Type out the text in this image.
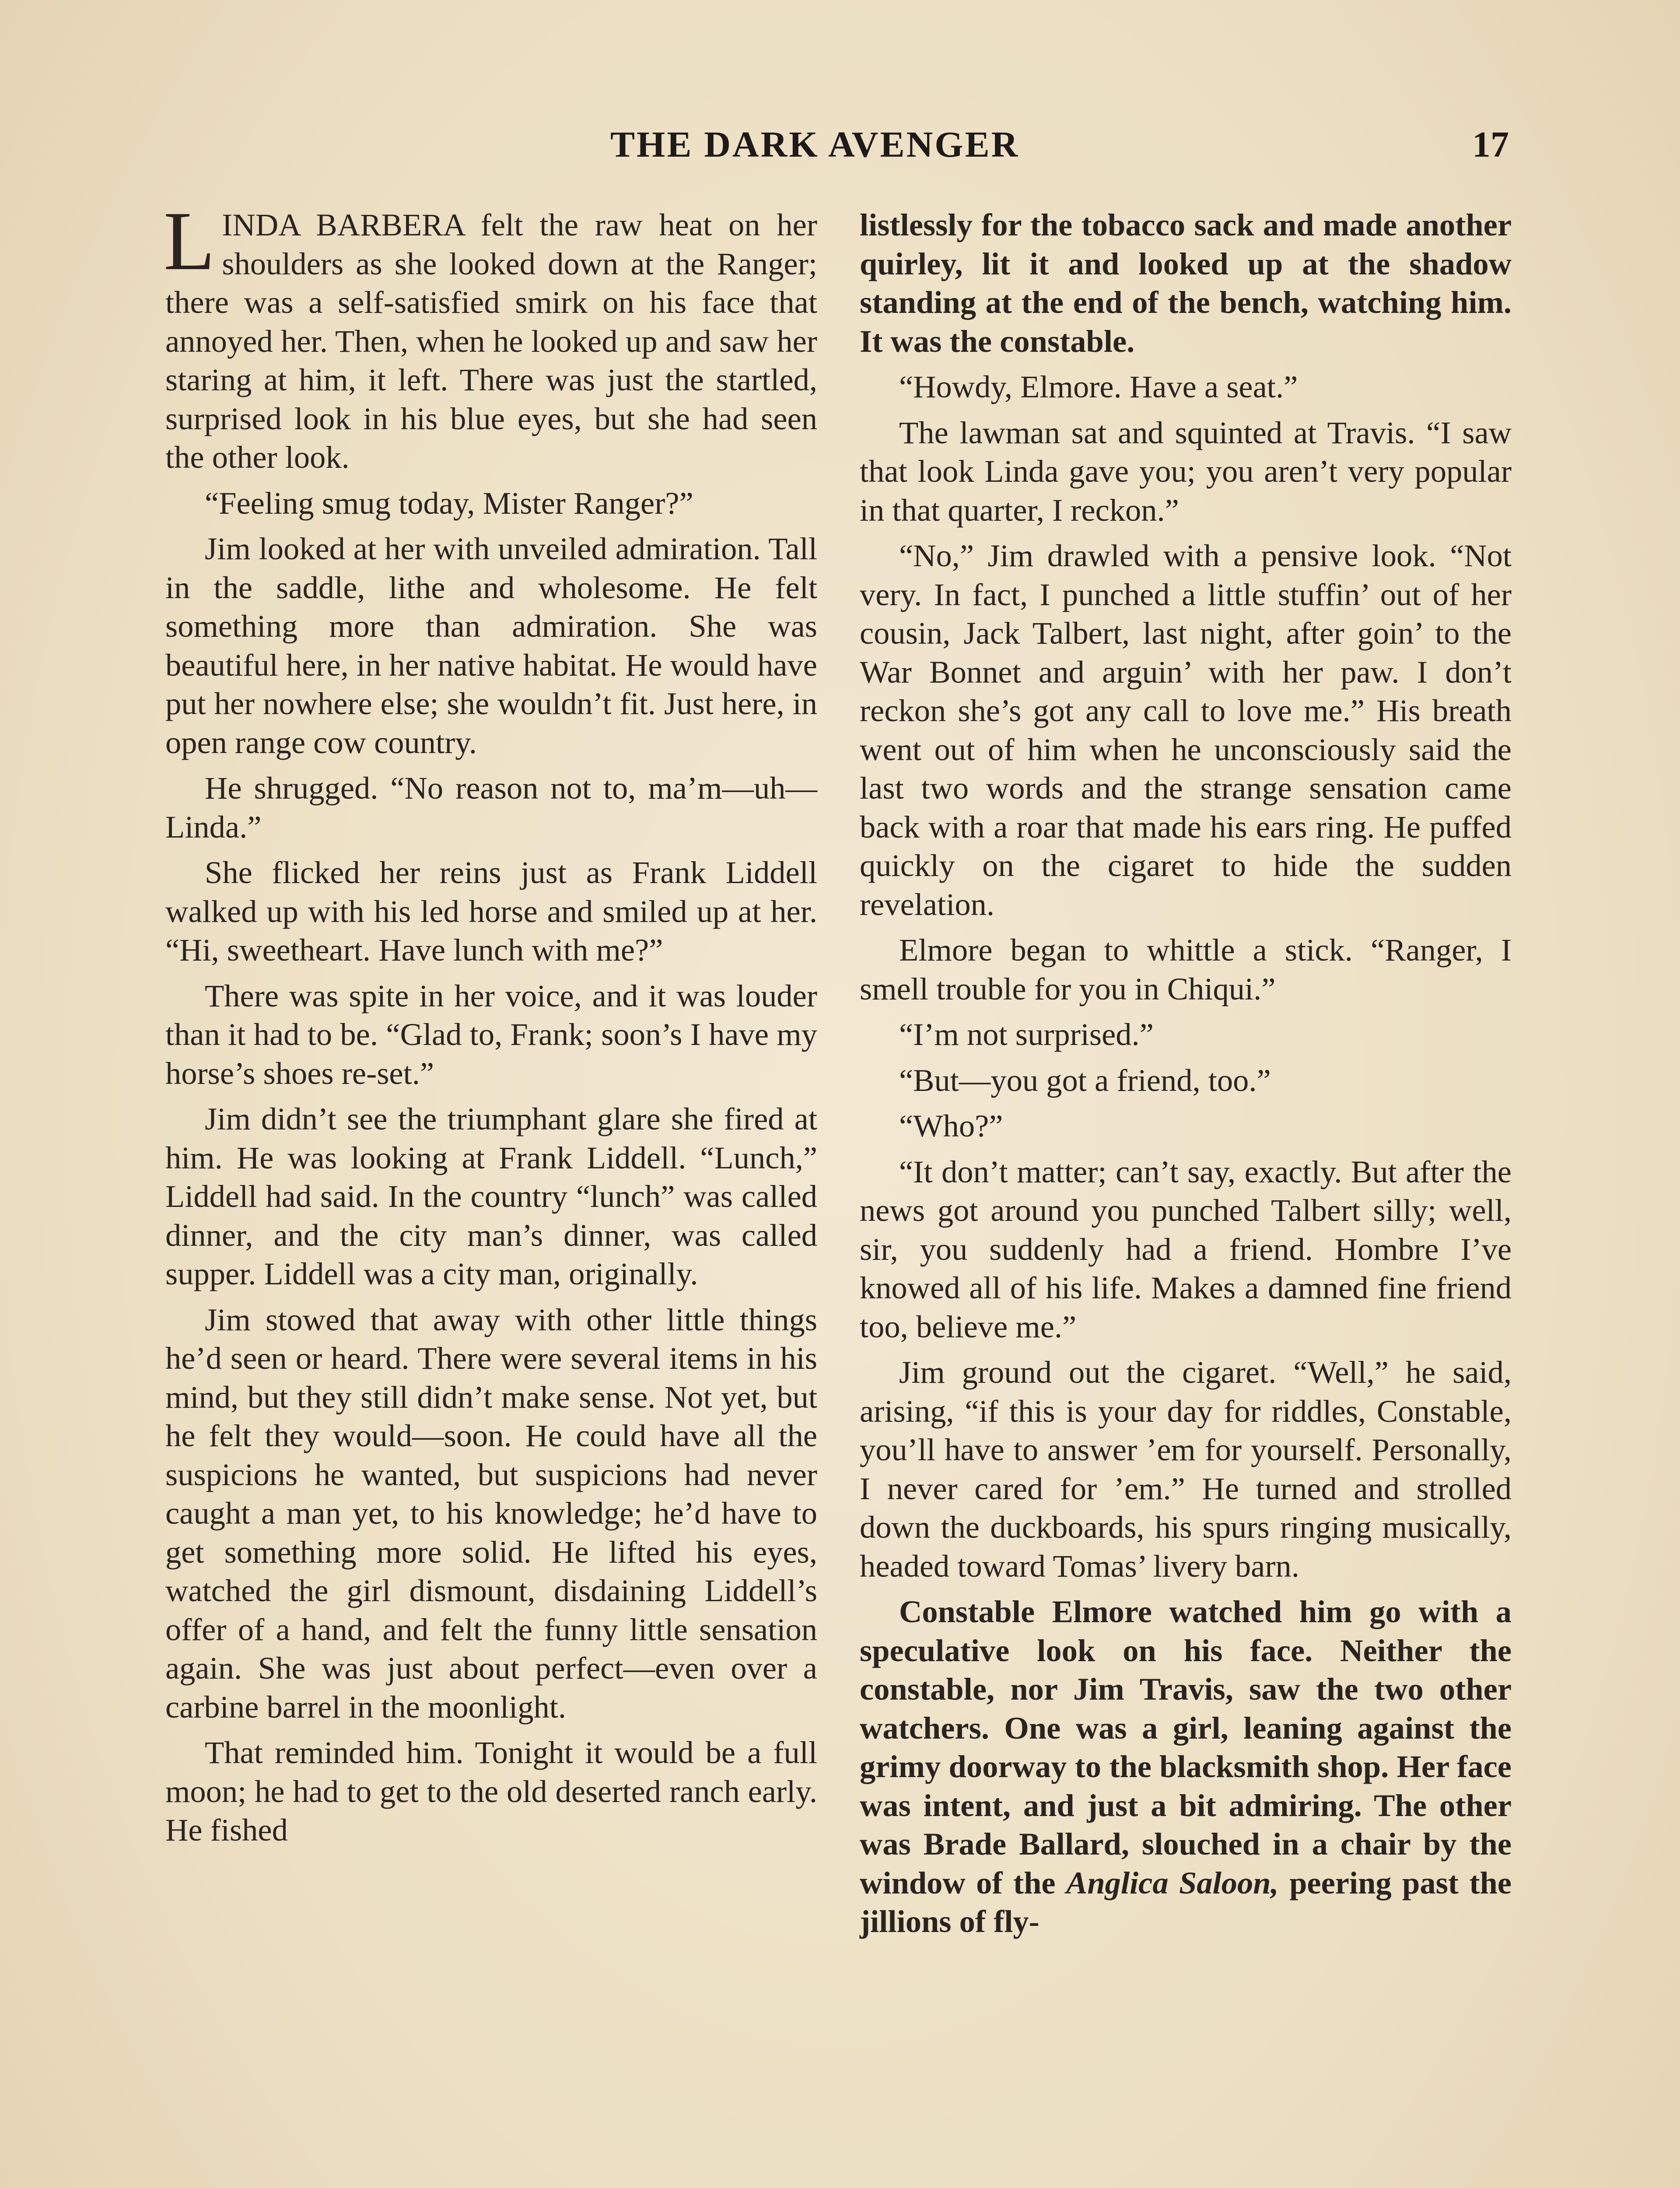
THE DARK AVENGER	17

LINDA BARBERA felt the raw heat on her shoulders as she looked down at the Ranger; there was a self-satisfied smirk on his face that annoyed her. Then, when he looked up and saw her staring at him, it left. There was just the startled, surprised look in his blue eyes, but she had seen the other look.

“Feeling smug today, Mister Ranger?”

Jim looked at her with unveiled admiration. Tall in the saddle, lithe and wholesome. He felt something more than admiration. She was beautiful here, in her native habitat. He would have put her nowhere else; she wouldn’t fit. Just here, in open range cow country.

He shrugged. “No reason not to, ma’m—uh—Linda.”

She flicked her reins just as Frank Liddell walked up with his led horse and smiled up at her. “Hi, sweetheart. Have lunch with me?”

There was spite in her voice, and it was louder than it had to be. “Glad to, Frank; soon’s I have my horse’s shoes re-set.”

Jim didn’t see the triumphant glare she fired at him. He was looking at Frank Liddell. “Lunch,” Liddell had said. In the country “lunch” was called dinner, and the city man’s dinner, was called supper. Liddell was a city man, originally.

Jim stowed that away with other little things he’d seen or heard. There were several items in his mind, but they still didn’t make sense. Not yet, but he felt they would—soon. He could have all the suspicions he wanted, but suspicions had never caught a man yet, to his knowledge; he’d have to get something more solid. He lifted his eyes, watched the girl dismount, disdaining Liddell’s offer of a hand, and felt the funny little sensation again. She was just about perfect—even over a carbine barrel in the moonlight.

That reminded him. Tonight it would be a full moon; he had to get to the old deserted ranch early. He fished

listlessly for the tobacco sack and made another quirley, lit it and looked up at the shadow standing at the end of the bench, watching him. It was the constable.

“Howdy, Elmore. Have a seat.”

The lawman sat and squinted at Travis. “I saw that look Linda gave you; you aren’t very popular in that quarter, I reckon.”

“No,” Jim drawled with a pensive look. “Not very. In fact, I punched a little stuffin’ out of her cousin, Jack Talbert, last night, after goin’ to the War Bonnet and arguin’ with her paw. I don’t reckon she’s got any call to love me.” His breath went out of him when he unconsciously said the last two words and the strange sensation came back with a roar that made his ears ring. He puffed quickly on the cigaret to hide the sudden revelation.

Elmore began to whittle a stick. “Ranger, I smell trouble for you in Chiqui.”

“I’m not surprised.”

“But—you got a friend, too.”

“Who?”

“It don’t matter; can’t say, exactly. But after the news got around you punched Talbert silly; well, sir, you suddenly had a friend. Hombre I’ve knowed all of his life. Makes a damned fine friend too, believe me.”

Jim ground out the cigaret. “Well,” he said, arising, “if this is your day for riddles, Constable, you’ll have to answer ’em for yourself. Personally, I never cared for ’em.” He turned and strolled down the duckboards, his spurs ringing musically, headed toward Tomas’ livery barn.

Constable Elmore watched him go with a speculative look on his face. Neither the constable, nor Jim Travis, saw the two other watchers. One was a girl, leaning against the grimy doorway to the blacksmith shop. Her face was intent, and just a bit admiring. The other was Brade Ballard, slouched in a chair by the window of the Anglica Saloon, peering past the jillions of fly-
